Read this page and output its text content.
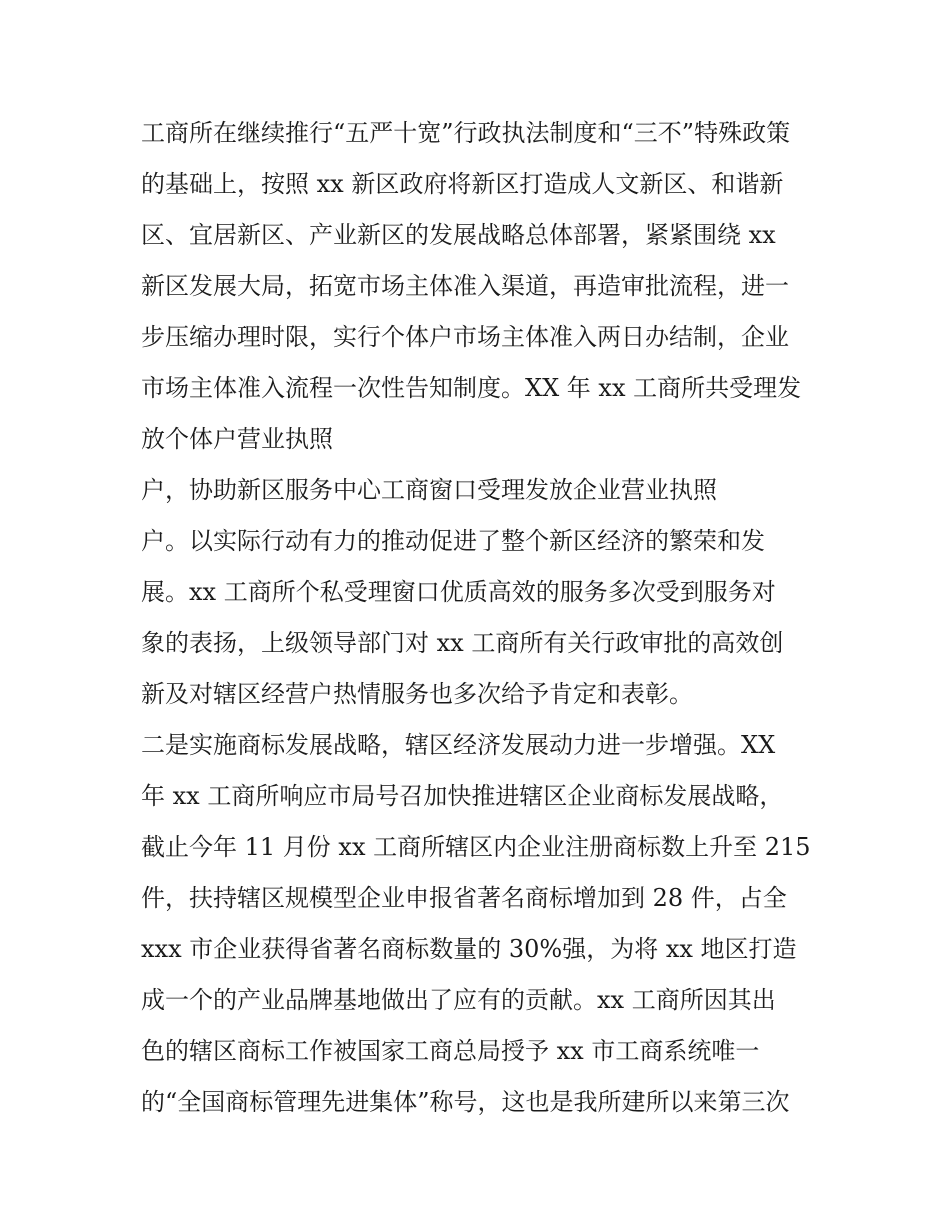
工商所在继续推行“五严十宽”行政执法制度和“三不”特殊政策
的基础上，按照 xx 新区政府将新区打造成人文新区、和谐新
区、宜居新区、产业新区的发展战略总体部署，紧紧围绕 xx
新区发展大局，拓宽市场主体准入渠道，再造审批流程，进一
步压缩办理时限，实行个体户市场主体准入两日办结制，企业
市场主体准入流程一次性告知制度。XX 年 xx 工商所共受理发
放个体户营业执照
户，协助新区服务中心工商窗口受理发放企业营业执照
户。以实际行动有力的推动促进了整个新区经济的繁荣和发
展。xx 工商所个私受理窗口优质高效的服务多次受到服务对
象的表扬，上级领导部门对 xx 工商所有关行政审批的高效创
新及对辖区经营户热情服务也多次给予肯定和表彰。
二是实施商标发展战略，辖区经济发展动力进一步增强。XX
年 xx 工商所响应市局号召加快推进辖区企业商标发展战略，
截止今年 11 月份 xx 工商所辖区内企业注册商标数上升至 215
件，扶持辖区规模型企业申报省著名商标增加到 28 件，占全
xxx 市企业获得省著名商标数量的 30%强，为将 xx 地区打造
成一个的产业品牌基地做出了应有的贡献。xx 工商所因其出
色的辖区商标工作被国家工商总局授予 xx 市工商系统唯一
的“全国商标管理先进集体”称号，这也是我所建所以来第三次
